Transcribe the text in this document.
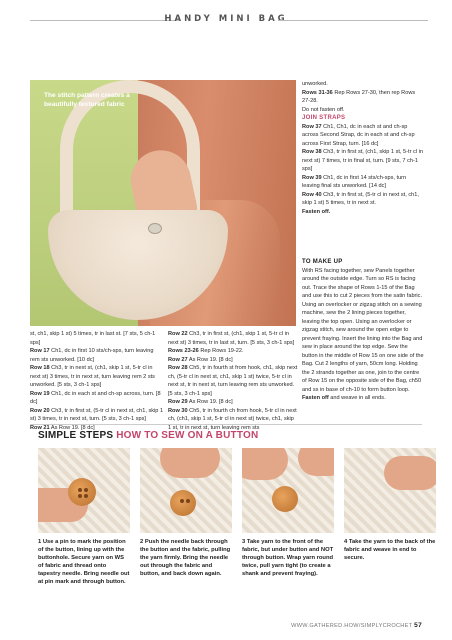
HANDY MINI BAG
The stitch pattern creates a beautifully textured fabric

unworked.

Rows 31-36 Rep Rows 27-30, then rep Rows 27-28.

Do not fasten off.

JOIN STRAPS

Row 37 Ch1, Ch1, dc in each st and ch-sp across Second Strap, dc in each st and ch-sp across First Strap, turn. [16 dc]

Row 38 Ch3, tr in first st, (ch1, skip 1 st, 5-tr cl in next st) 7 times, tr in final st, turn. [9 sts, 7 ch-1 sps]

Row 39 Ch1, dc in first 14 sts/ch-sps, turn leaving final sts unworked. [14 dc]

Row 40 Ch3, tr in first st, (5-tr cl in next st, ch1, skip 1 st) 5 times, tr in next st.

Fasten off.

TO MAKE UP

With RS facing together, sew Panels together around the outside edge. Turn so RS is facing out. Trace the shape of Rows 1-15 of the Bag and use this to cut 2 pieces from the satin fabric. Using an overlocker or zigzag stitch on a sewing machine, sew the 2 lining pieces together, leaving the top open. Using an overlocker or zigzag stitch, sew around the open edge to prevent fraying. Insert the lining into the Bag and sew in place around the top edge. Sew the button in the middle of Row 15 on one side of the Bag. Cut 2 lengths of yarn, 50cm long. Holding the 2 strands together as one, join to the centre of Row 15 on the opposite side of the Bag, ch50 and ss in base of ch-10 to form button loop.

Fasten off and weave in all ends.

st, ch1, skip 1 st) 5 times, tr in last st. [7 sts, 5 ch-1 sps]

Row 17 Ch1, dc in first 10 sts/ch-sps, turn leaving rem sts unworked. [10 dc]

Row 18 Ch3, tr in next st, (ch1, skip 1 st, 5-tr cl in next st) 3 times, tr in next st, turn leaving rem 2 sts unworked. [5 sts, 3 ch-1 sps]

Row 19 Ch1, dc in each st and ch-sp across, turn. [8 dc]

Row 20 Ch3, tr in first st, (5-tr cl in next st, ch1, skip 1 st) 3 times, tr in next st, turn. [5 sts, 3 ch-1 sps]

Row 21 As Row 19. [8 dc]

Row 22 Ch3, tr in first st, (ch1, skip 1 st, 5-tr cl in next st) 3 times, tr in last st, turn. [5 sts, 3 ch-1 sps]

Rows 23-26 Rep Rows 19-22.

Row 27 As Row 19. [8 dc]

Row 28 Ch5, tr in fourth st from hook, ch1, skip next ch, (5-tr cl in next st, ch1, skip 1 st) twice, 5-tr cl in next st, tr in next st, turn leaving rem sts unworked. [5 sts, 3 ch-1 sps]

Row 29 As Row 19. [8 dc]

Row 30 Ch5, tr in fourth ch from hook, 5-tr cl in next ch, (ch1, skip 1 st, 5-tr cl in next st) twice, ch1, skip 1 st, tr in next st, turn leaving rem sts

SIMPLE STEPS HOW TO SEW ON A BUTTON
1 Use a pin to mark the position of the button, lining up with the buttonhole. Secure yarn on WS of fabric and thread onto tapestry needle. Bring needle out at pin mark and through button.
2 Push the needle back through the button and the fabric, pulling the yarn firmly. Bring the needle out through the fabric and button, and back down again.
3 Take yarn to the front of the fabric, but under button and NOT through button. Wrap yarn round twice, pull yarn tight (to create a shank and prevent fraying).
4 Take the yarn to the back of the fabric and weave in end to secure.
WWW.GATHERED.HOW/SIMPLYCROCHET 57
